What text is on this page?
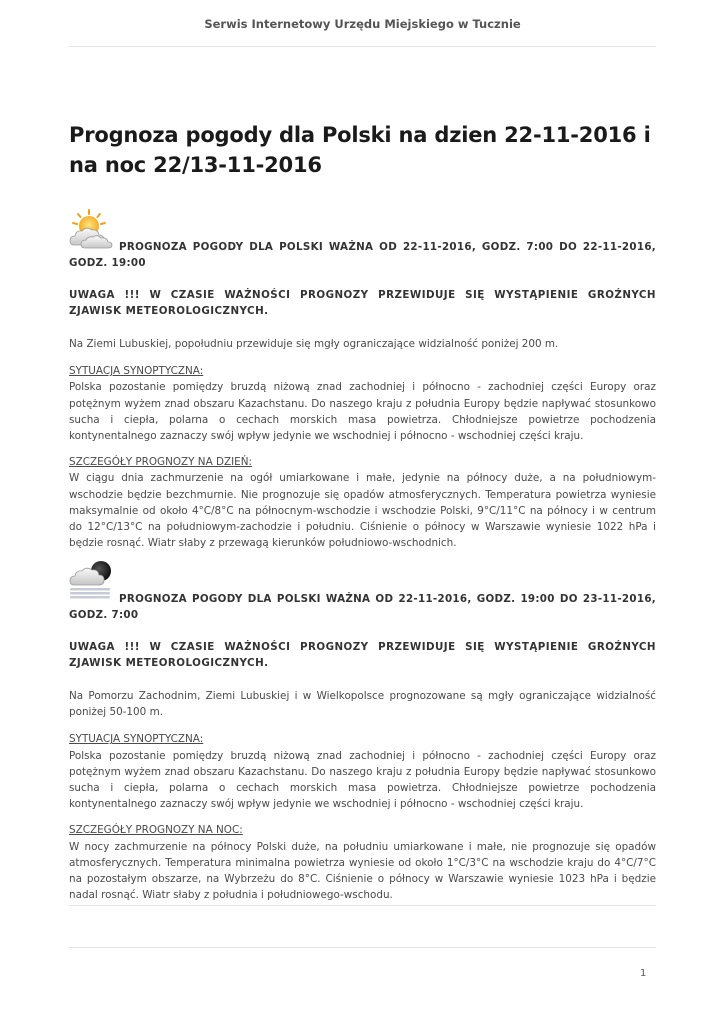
Serwis Internetowy Urzędu Miejskiego w Tucznie
Prognoza pogody dla Polski na dzien 22-11-2016 i na noc 22/13-11-2016
PROGNOZA POGODY DLA POLSKI WAŻNA OD 22-11-2016, GODZ. 7:00 DO 22-11-2016, GODZ. 19:00

UWAGA !!! W CZASIE WAŻNOŚCI PROGNOZY PRZEWIDUJE SIĘ WYSTĄPIENIE GROŹNYCH ZJAWISK METEOROLOGICZNYCH.

Na Ziemi Lubuskiej, popołudniu przewiduje się mgły ograniczające widzialność poniżej 200 m.

SYTUACJA SYNOPTYCZNA:
Polska pozostanie pomiędzy bruzdą niżową znad zachodniej i północno - zachodniej części Europy oraz potężnym wyżem znad obszaru Kazachstanu. Do naszego kraju z południa Europy będzie napływać stosunkowo sucha i ciepła, polarna o cechach morskich masa powietrza. Chłodniejsze powietrze pochodzenia kontynentalnego zaznaczy swój wpływ jedynie we wschodniej i północno - wschodniej części kraju.

SZCZEGÓŁY PROGNOZY NA DZIEŃ:
W ciągu dnia zachmurzenie na ogół umiarkowane i małe, jedynie na północy duże, a na południowym-wschodzie będzie bezchmurnie. Nie prognozuje się opadów atmosferycznych. Temperatura powietrza wyniesie maksymalnie od około 4°C/8°C na północnym-wschodzie i wschodzie Polski, 9°C/11°C na północy i w centrum do 12°C/13°C na południowym-zachodzie i południu. Ciśnienie o północy w Warszawie wyniesie 1022 hPa i będzie rosnąć. Wiatr słaby z przewagą kierunków południowo-wschodnich.

PROGNOZA POGODY DLA POLSKI WAŻNA OD 22-11-2016, GODZ. 19:00 DO 23-11-2016, GODZ. 7:00

UWAGA !!! W CZASIE WAŻNOŚCI PROGNOZY PRZEWIDUJE SIĘ WYSTĄPIENIE GROŹNYCH ZJAWISK METEOROLOGICZNYCH.

Na Pomorzu Zachodnim, Ziemi Lubuskiej i w Wielkopolsce prognozowane są mgły ograniczające widzialność poniżej 50-100 m.

SYTUACJA SYNOPTYCZNA:
Polska pozostanie pomiędzy bruzdą niżową znad zachodniej i północno - zachodniej części Europy oraz potężnym wyżem znad obszaru Kazachstanu. Do naszego kraju z południa Europy będzie napływać stosunkowo sucha i ciepła, polarna o cechach morskich masa powietrza. Chłodniejsze powietrze pochodzenia kontynentalnego zaznaczy swój wpływ jedynie we wschodniej i północno - wschodniej części kraju.

SZCZEGÓŁY PROGNOZY NA NOC:
W nocy zachmurzenie na północy Polski duże, na południu umiarkowane i małe, nie prognozuje się opadów atmosferycznych. Temperatura minimalna powietrza wyniesie od około 1°C/3°C na wschodzie kraju do 4°C/7°C na pozostałym obszarze, na Wybrzeżu do 8°C. Ciśnienie o północy w Warszawie wyniesie 1023 hPa i będzie nadal rosnąć. Wiatr słaby z południa i południowego-wschodu.

1
